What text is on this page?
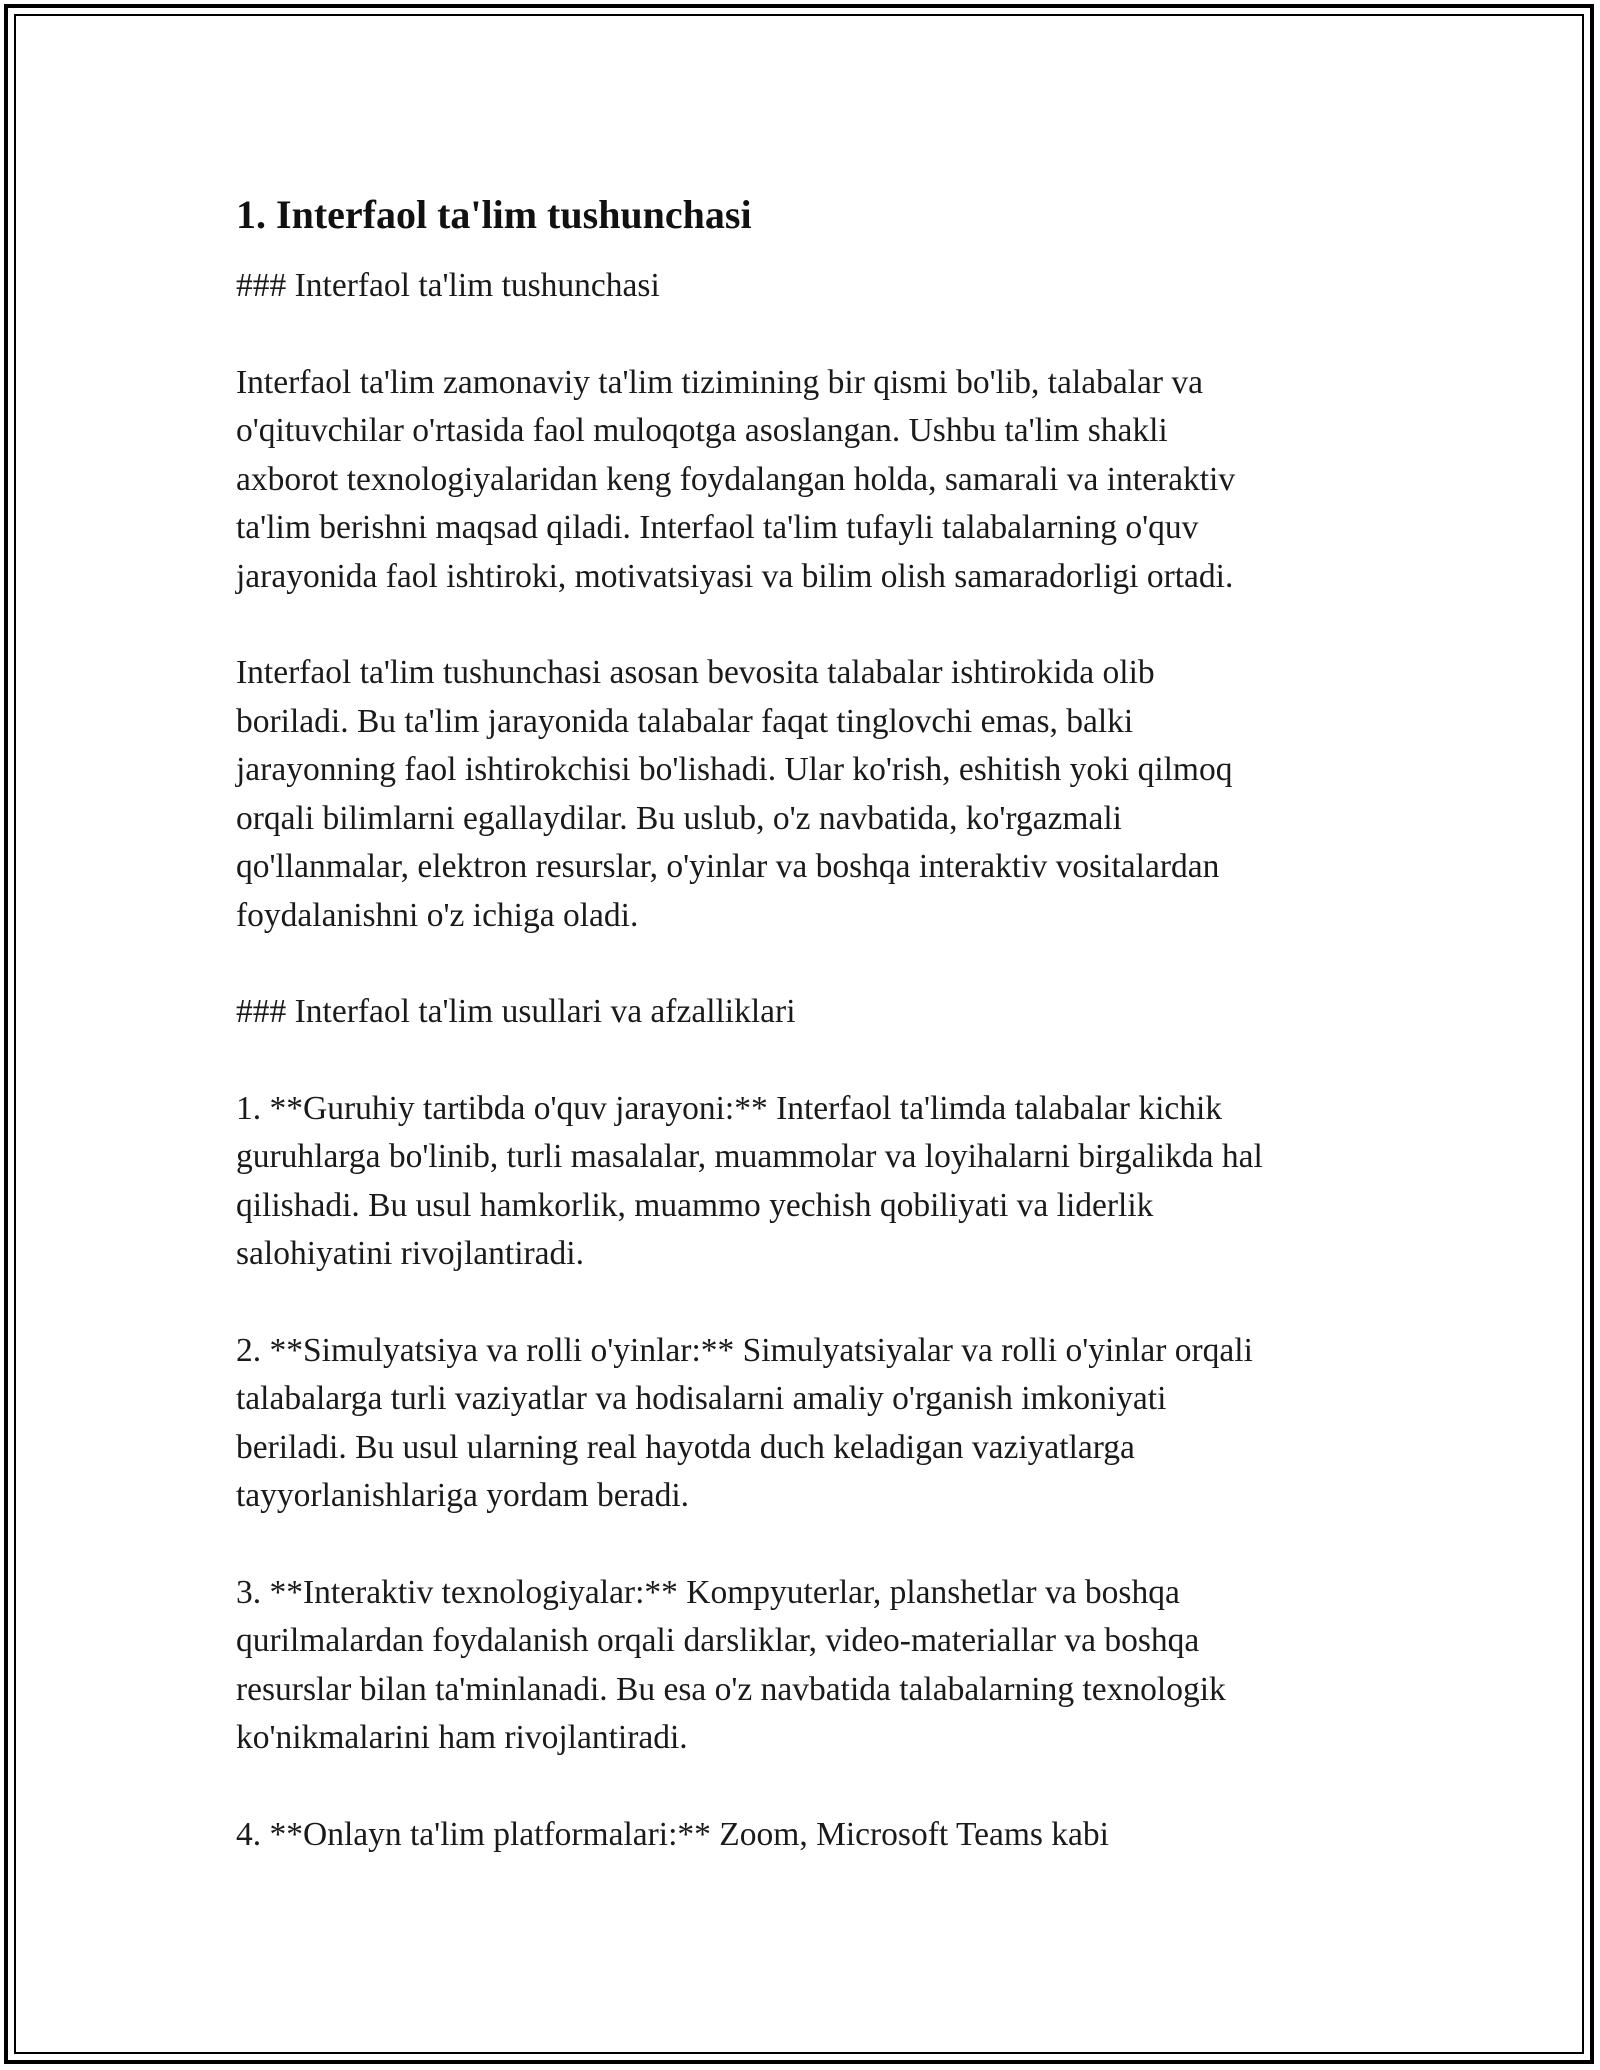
1. Interfaol ta'lim tushunchasi

### Interfaol ta'lim tushunchasi

Interfaol ta'lim zamonaviy ta'lim tizimining bir qismi bo'lib, talabalar va
o'qituvchilar o'rtasida faol muloqotga asoslangan. Ushbu ta'lim shakli
axborot texnologiyalaridan keng foydalangan holda, samarali va interaktiv
ta'lim berishni maqsad qiladi. Interfaol ta'lim tufayli talabalarning o'quv
jarayonida faol ishtiroki, motivatsiyasi va bilim olish samaradorligi ortadi.

Interfaol ta'lim tushunchasi asosan bevosita talabalar ishtirokida olib
boriladi. Bu ta'lim jarayonida talabalar faqat tinglovchi emas, balki
jarayonning faol ishtirokchisi bo'lishadi. Ular ko'rish, eshitish yoki qilmoq
orqali bilimlarni egallaydilar. Bu uslub, o'z navbatida, ko'rgazmali
qo'llanmalar, elektron resurslar, o'yinlar va boshqa interaktiv vositalardan
foydalanishni o'z ichiga oladi.

### Interfaol ta'lim usullari va afzalliklari

1. **Guruhiy tartibda o'quv jarayoni:** Interfaol ta'limda talabalar kichik
guruhlarga bo'linib, turli masalalar, muammolar va loyihalarni birgalikda hal
qilishadi. Bu usul hamkorlik, muammo yechish qobiliyati va liderlik
salohiyatini rivojlantiradi.

2. **Simulyatsiya va rolli o'yinlar:** Simulyatsiyalar va rolli o'yinlar orqali
talabalarga turli vaziyatlar va hodisalarni amaliy o'rganish imkoniyati
beriladi. Bu usul ularning real hayotda duch keladigan vaziyatlarga
tayyorlanishlariga yordam beradi.

3. **Interaktiv texnologiyalar:** Kompyuterlar, planshetlar va boshqa
qurilmalardan foydalanish orqali darsliklar, video-materiallar va boshqa
resurslar bilan ta'minlanadi. Bu esa o'z navbatida talabalarning texnologik
ko'nikmalarini ham rivojlantiradi.

4. **Onlayn ta'lim platformalari:** Zoom, Microsoft Teams kabi
